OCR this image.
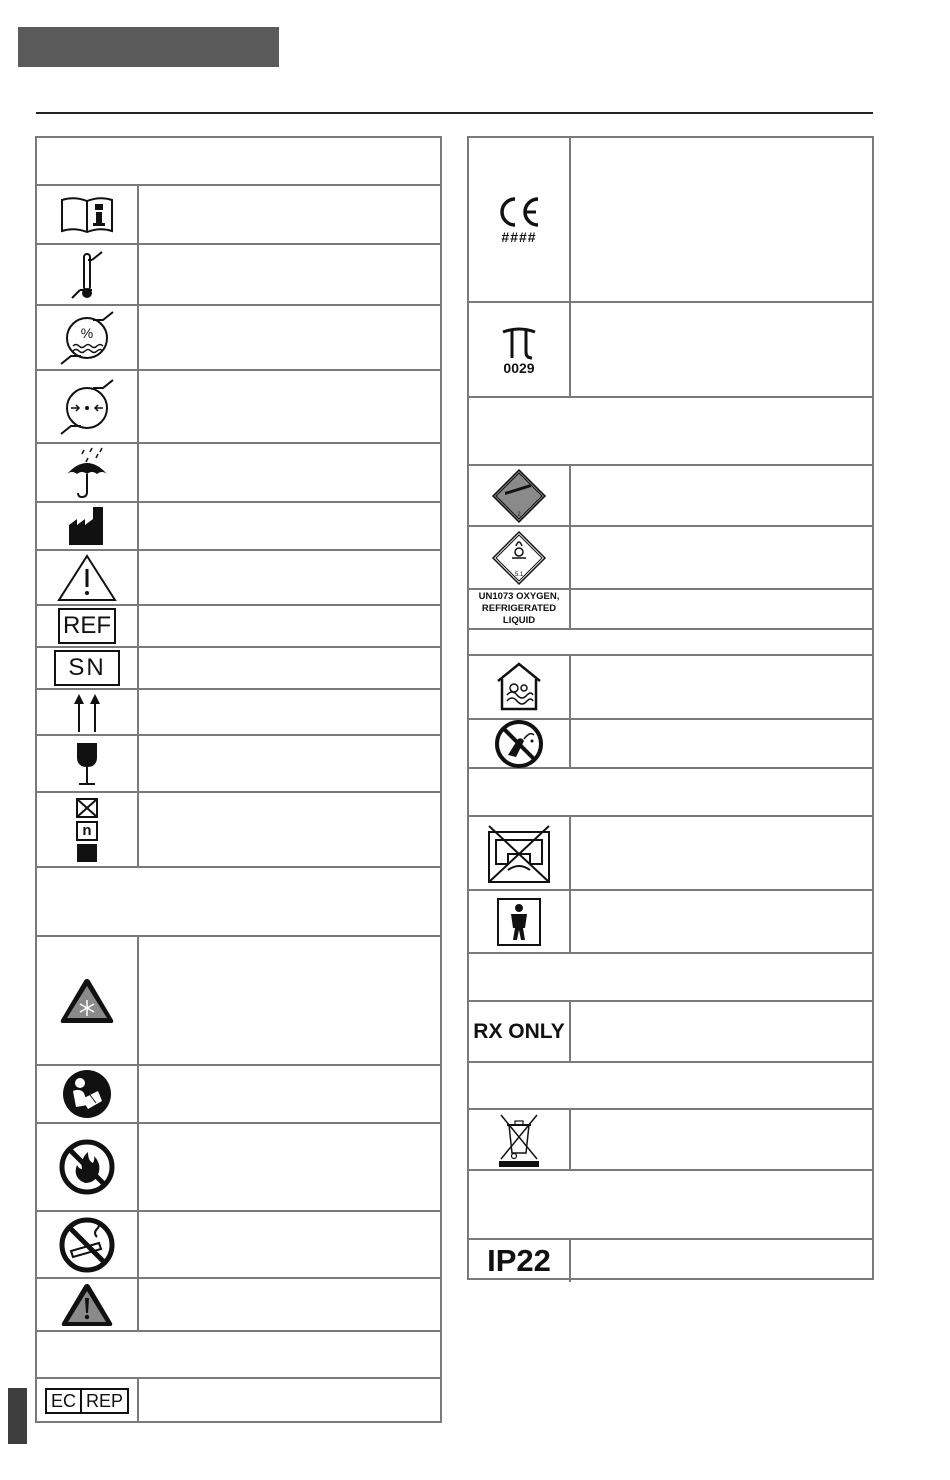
%
REF
SN
n
EC REP
####
0029
2
5.1
UN1073 OXYGEN,
REFRIGERATED LIQUID
RX ONLY
IP22
